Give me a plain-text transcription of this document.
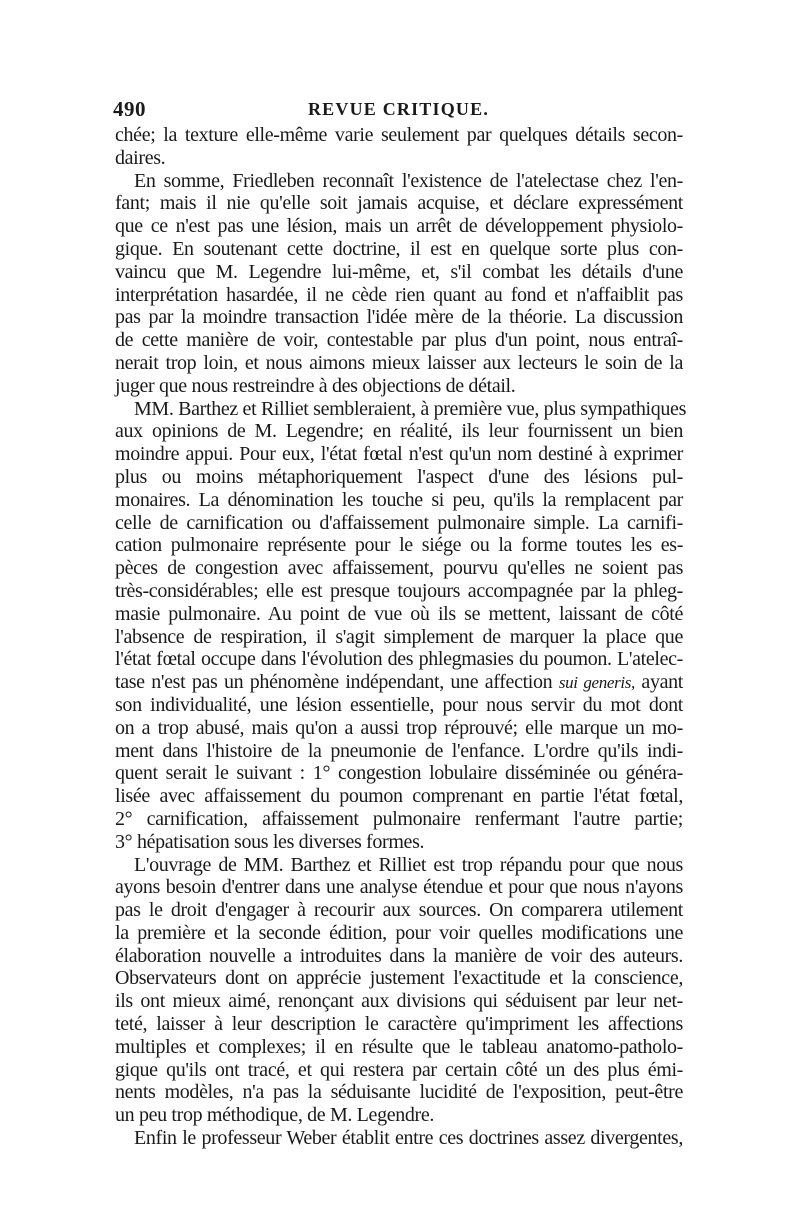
490	REVUE CRITIQUE.
chée; la texture elle-même varie seulement par quelques détails secon-
daires.
En somme, Friedleben reconnaît l'existence de l'atelectase chez l'en-
fant; mais il nie qu'elle soit jamais acquise, et déclare expressément
que ce n'est pas une lésion, mais un arrêt de développement physiolo-
gique. En soutenant cette doctrine, il est en quelque sorte plus con-
vaincu que M. Legendre lui-même, et, s'il combat les détails d'une
interprétation hasardée, il ne cède rien quant au fond et n'affaiblit pas
pas par la moindre transaction l'idée mère de la théorie. La discussion
de cette manière de voir, contestable par plus d'un point, nous entraî-
nerait trop loin, et nous aimons mieux laisser aux lecteurs le soin de la
juger que nous restreindre à des objections de détail.
MM. Barthez et Rilliet sembleraient, à première vue, plus sympathiques
aux opinions de M. Legendre; en réalité, ils leur fournissent un bien
moindre appui. Pour eux, l'état fœtal n'est qu'un nom destiné à exprimer
plus ou moins métaphoriquement l'aspect d'une des lésions pul-
monaires. La dénomination les touche si peu, qu'ils la remplacent par
celle de carnification ou d'affaissement pulmonaire simple. La carnifi-
cation pulmonaire représente pour le siége ou la forme toutes les es-
pèces de congestion avec affaissement, pourvu qu'elles ne soient pas
très-considérables; elle est presque toujours accompagnée par la phleg-
masie pulmonaire. Au point de vue où ils se mettent, laissant de côté
l'absence de respiration, il s'agit simplement de marquer la place que
l'état fœtal occupe dans l'évolution des phlegmasies du poumon. L'atelec-
tase n'est pas un phénomène indépendant, une affection sui generis, ayant
son individualité, une lésion essentielle, pour nous servir du mot dont
on a trop abusé, mais qu'on a aussi trop réprouvé; elle marque un mo-
ment dans l'histoire de la pneumonie de l'enfance. L'ordre qu'ils indi-
quent serait le suivant : 1° congestion lobulaire disséminée ou généra-
lisée avec affaissement du poumon comprenant en partie l'état fœtal,
2° carnification, affaissement pulmonaire renfermant l'autre partie;
3° hépatisation sous les diverses formes.
L'ouvrage de MM. Barthez et Rilliet est trop répandu pour que nous
ayons besoin d'entrer dans une analyse étendue et pour que nous n'ayons
pas le droit d'engager à recourir aux sources. On comparera utilement
la première et la seconde édition, pour voir quelles modifications une
élaboration nouvelle a introduites dans la manière de voir des auteurs.
Observateurs dont on apprécie justement l'exactitude et la conscience,
ils ont mieux aimé, renonçant aux divisions qui séduisent par leur net-
teté, laisser à leur description le caractère qu'impriment les affections
multiples et complexes; il en résulte que le tableau anatomo-patholo-
gique qu'ils ont tracé, et qui restera par certain côté un des plus émi-
nents modèles, n'a pas la séduisante lucidité de l'exposition, peut-être
un peu trop méthodique, de M. Legendre.
Enfin le professeur Weber établit entre ces doctrines assez divergentes,
